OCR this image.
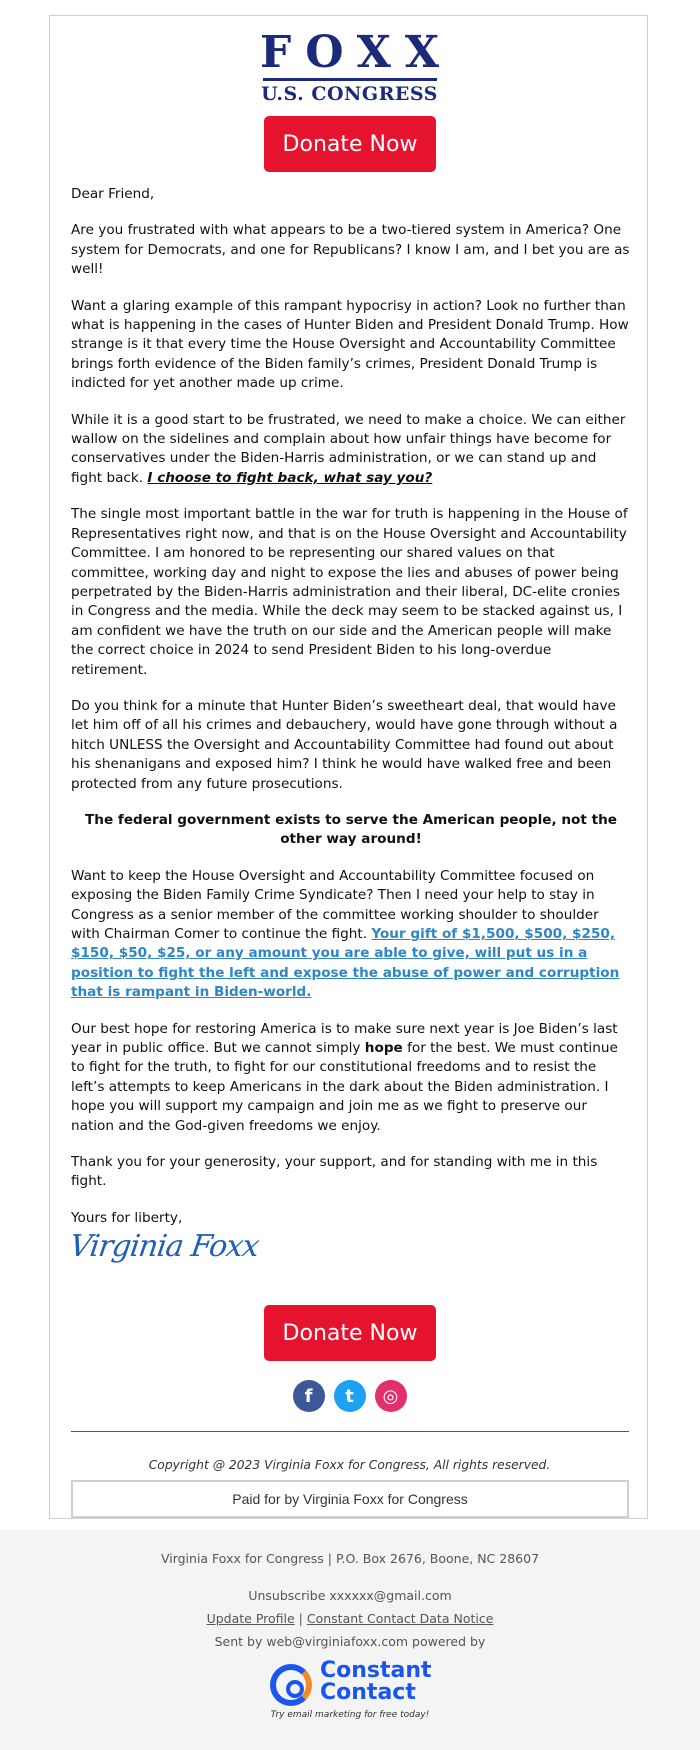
FOXX
U.S. CONGRESS
Donate Now

Dear Friend,

Are you frustrated with what appears to be a two-tiered system in America? One system for Democrats, and one for Republicans? I know I am, and I bet you are as well!

Want a glaring example of this rampant hypocrisy in action? Look no further than what is happening in the cases of Hunter Biden and President Donald Trump. How strange is it that every time the House Oversight and Accountability Committee brings forth evidence of the Biden family’s crimes, President Donald Trump is indicted for yet another made up crime.

While it is a good start to be frustrated, we need to make a choice. We can either wallow on the sidelines and complain about how unfair things have become for conservatives under the Biden-Harris administration, or we can stand up and fight back. I choose to fight back, what say you?

The single most important battle in the war for truth is happening in the House of Representatives right now, and that is on the House Oversight and Accountability Committee. I am honored to be representing our shared values on that committee, working day and night to expose the lies and abuses of power being perpetrated by the Biden-Harris administration and their liberal, DC-elite cronies in Congress and the media. While the deck may seem to be stacked against us, I am confident we have the truth on our side and the American people will make the correct choice in 2024 to send President Biden to his long-overdue retirement.

Do you think for a minute that Hunter Biden’s sweetheart deal, that would have let him off of all his crimes and debauchery, would have gone through without a hitch UNLESS the Oversight and Accountability Committee had found out about his shenanigans and exposed him? I think he would have walked free and been protected from any future prosecutions.

The federal government exists to serve the American people, not the other way around!

Want to keep the House Oversight and Accountability Committee focused on exposing the Biden Family Crime Syndicate? Then I need your help to stay in Congress as a senior member of the committee working shoulder to shoulder with Chairman Comer to continue the fight. Your gift of $1,500, $500, $250, $150, $50, $25, or any amount you are able to give, will put us in a position to fight the left and expose the abuse of power and corruption that is rampant in Biden-world.

Our best hope for restoring America is to make sure next year is Joe Biden’s last year in public office. But we cannot simply hope for the best. We must continue to fight for the truth, to fight for our constitutional freedoms and to resist the left’s attempts to keep Americans in the dark about the Biden administration. I hope you will support my campaign and join me as we fight to preserve our nation and the God-given freedoms we enjoy.

Thank you for your generosity, your support, and for standing with me in this fight.

Yours for liberty,

Virginia Foxx
Donate Now
f	t	◎
Copyright @ 2023 Virginia Foxx for Congress, All rights reserved.
Paid for by Virginia Foxx for Congress
Virginia Foxx for Congress | P.O. Box 2676, Boone, NC 28607
Unsubscribe xxxxxx@gmail.com
Update Profile | Constant Contact Data Notice
Sent by web@virginiafoxx.com powered by
Constant
Contact
Try email marketing for free today!
